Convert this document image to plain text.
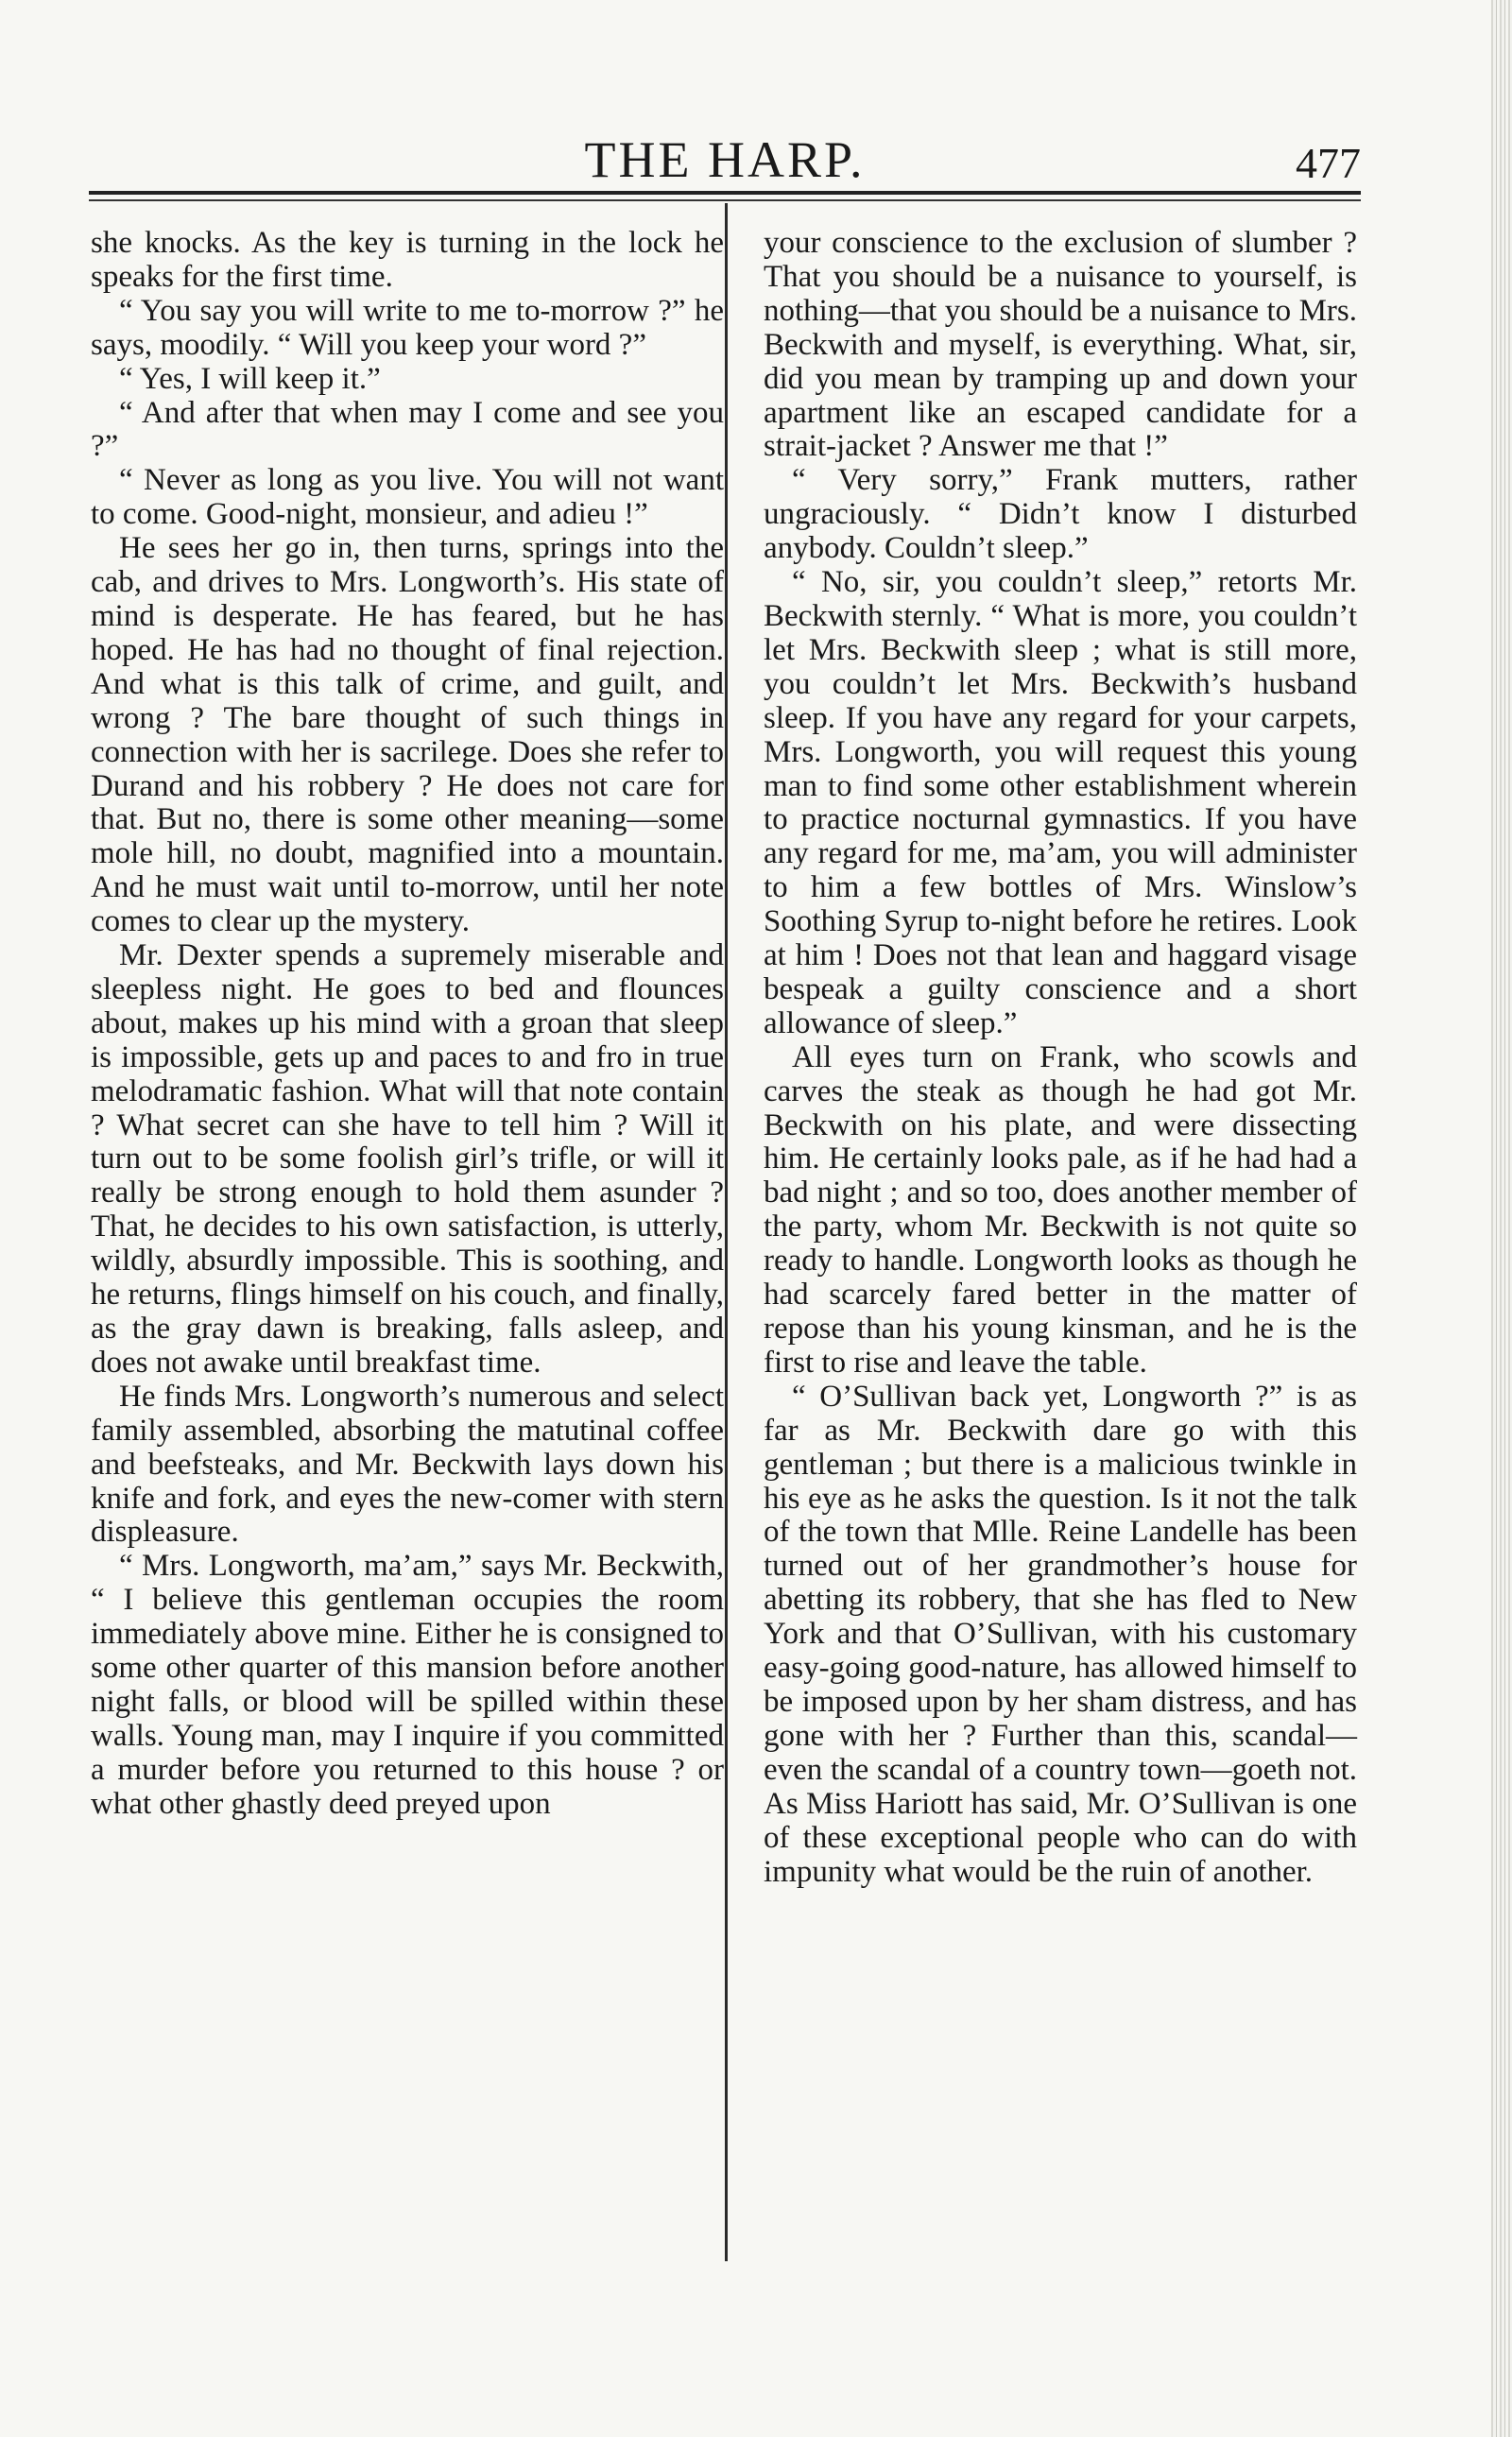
THE HARP.	477

she knocks. As the key is turning in the lock he speaks for the first time.

“ You say you will write to me to-morrow ?” he says, moodily. “ Will you keep your word ?”

“ Yes, I will keep it.”

“ And after that when may I come and see you ?”

“ Never as long as you live. You will not want to come. Good-night, monsieur, and adieu !”

He sees her go in, then turns, springs into the cab, and drives to Mrs. Longworth’s. His state of mind is desperate. He has feared, but he has hoped. He has had no thought of final rejection. And what is this talk of crime, and guilt, and wrong ? The bare thought of such things in connection with her is sacrilege. Does she refer to Durand and his robbery ? He does not care for that. But no, there is some other meaning—some mole hill, no doubt, magnified into a mountain. And he must wait until to-morrow, until her note comes to clear up the mystery.

Mr. Dexter spends a supremely miserable and sleepless night. He goes to bed and flounces about, makes up his mind with a groan that sleep is impossible, gets up and paces to and fro in true melodramatic fashion. What will that note contain ? What secret can she have to tell him ? Will it turn out to be some foolish girl’s trifle, or will it really be strong enough to hold them asunder ? That, he decides to his own satisfaction, is utterly, wildly, absurdly impossible. This is soothing, and he returns, flings himself on his couch, and finally, as the gray dawn is breaking, falls asleep, and does not awake until breakfast time.

He finds Mrs. Longworth’s numerous and select family assembled, absorbing the matutinal coffee and beefsteaks, and Mr. Beckwith lays down his knife and fork, and eyes the new-comer with stern displeasure.

“ Mrs. Longworth, ma’am,” says Mr. Beckwith, “ I believe this gentleman occupies the room immediately above mine. Either he is consigned to some other quarter of this mansion before another night falls, or blood will be spilled within these walls. Young man, may I inquire if you committed a murder before you returned to this house ? or what other ghastly deed preyed upon

your conscience to the exclusion of slumber ? That you should be a nuisance to yourself, is nothing—that you should be a nuisance to Mrs. Beckwith and myself, is everything. What, sir, did you mean by tramping up and down your apartment like an escaped candidate for a strait-jacket ? Answer me that !”

“ Very sorry,” Frank mutters, rather ungraciously. “ Didn’t know I disturbed anybody. Couldn’t sleep.”

“ No, sir, you couldn’t sleep,” retorts Mr. Beckwith sternly. “ What is more, you couldn’t let Mrs. Beckwith sleep ; what is still more, you couldn’t let Mrs. Beckwith’s husband sleep. If you have any regard for your carpets, Mrs. Longworth, you will request this young man to find some other establishment wherein to practice nocturnal gymnastics. If you have any regard for me, ma’am, you will administer to him a few bottles of Mrs. Winslow’s Soothing Syrup to-night before he retires. Look at him ! Does not that lean and haggard visage bespeak a guilty conscience and a short allowance of sleep.”

All eyes turn on Frank, who scowls and carves the steak as though he had got Mr. Beckwith on his plate, and were dissecting him. He certainly looks pale, as if he had had a bad night ; and so too, does another member of the party, whom Mr. Beckwith is not quite so ready to handle. Longworth looks as though he had scarcely fared better in the matter of repose than his young kinsman, and he is the first to rise and leave the table.

“ O’Sullivan back yet, Longworth ?” is as far as Mr. Beckwith dare go with this gentleman ; but there is a malicious twinkle in his eye as he asks the question. Is it not the talk of the town that Mlle. Reine Landelle has been turned out of her grandmother’s house for abetting its robbery, that she has fled to New York and that O’Sullivan, with his customary easy-going good-nature, has allowed himself to be imposed upon by her sham distress, and has gone with her ? Further than this, scandal—even the scandal of a country town—goeth not. As Miss Hariott has said, Mr. O’Sullivan is one of these exceptional people who can do with impunity what would be the ruin of another.
